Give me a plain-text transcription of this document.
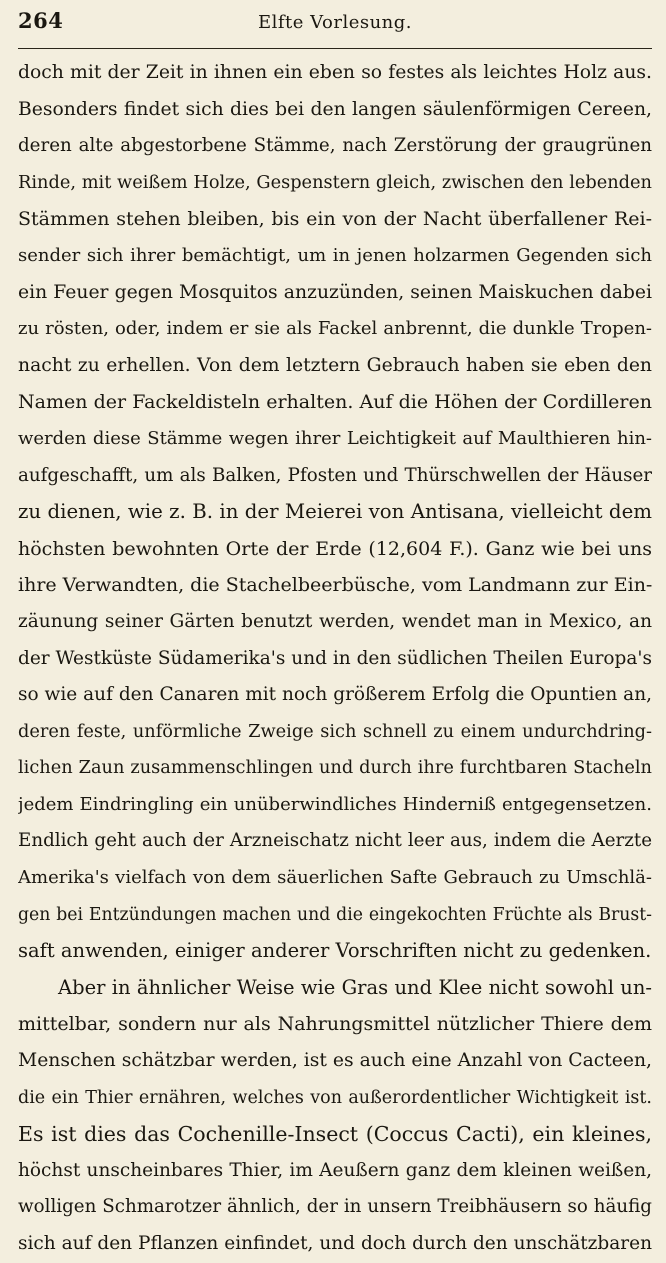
264	Elfte Vorlesung.
doch mit der Zeit in ihnen ein eben so festes als leichtes Holz aus.
Besonders findet sich dies bei den langen säulenförmigen Cereen,
deren alte abgestorbene Stämme, nach Zerstörung der graugrünen
Rinde, mit weißem Holze, Gespenstern gleich, zwischen den lebenden
Stämmen stehen bleiben, bis ein von der Nacht überfallener Rei-
sender sich ihrer bemächtigt, um in jenen holzarmen Gegenden sich
ein Feuer gegen Mosquitos anzuzünden, seinen Maiskuchen dabei
zu rösten, oder, indem er sie als Fackel anbrennt, die dunkle Tropen-
nacht zu erhellen. Von dem letztern Gebrauch haben sie eben den
Namen der Fackeldisteln erhalten. Auf die Höhen der Cordilleren
werden diese Stämme wegen ihrer Leichtigkeit auf Maulthieren hin-
aufgeschafft, um als Balken, Pfosten und Thürschwellen der Häuser
zu dienen, wie z. B. in der Meierei von Antisana, vielleicht dem
höchsten bewohnten Orte der Erde (12,604 F.). Ganz wie bei uns
ihre Verwandten, die Stachelbeerbüsche, vom Landmann zur Ein-
zäunung seiner Gärten benutzt werden, wendet man in Mexico, an
der Westküste Südamerika's und in den südlichen Theilen Europa's
so wie auf den Canaren mit noch größerem Erfolg die Opuntien an,
deren feste, unförmliche Zweige sich schnell zu einem undurchdring-
lichen Zaun zusammenschlingen und durch ihre furchtbaren Stacheln
jedem Eindringling ein unüberwindliches Hinderniß entgegensetzen.
Endlich geht auch der Arzneischatz nicht leer aus, indem die Aerzte
Amerika's vielfach von dem säuerlichen Safte Gebrauch zu Umschlä-
gen bei Entzündungen machen und die eingekochten Früchte als Brust-
saft anwenden, einiger anderer Vorschriften nicht zu gedenken.
Aber in ähnlicher Weise wie Gras und Klee nicht sowohl un-
mittelbar, sondern nur als Nahrungsmittel nützlicher Thiere dem
Menschen schätzbar werden, ist es auch eine Anzahl von Cacteen,
die ein Thier ernähren, welches von außerordentlicher Wichtigkeit ist.
Es ist dies das Cochenille-Insect (Coccus Cacti), ein kleines,
höchst unscheinbares Thier, im Aeußern ganz dem kleinen weißen,
wolligen Schmarotzer ähnlich, der in unsern Treibhäusern so häufig
sich auf den Pflanzen einfindet, und doch durch den unschätzbaren
